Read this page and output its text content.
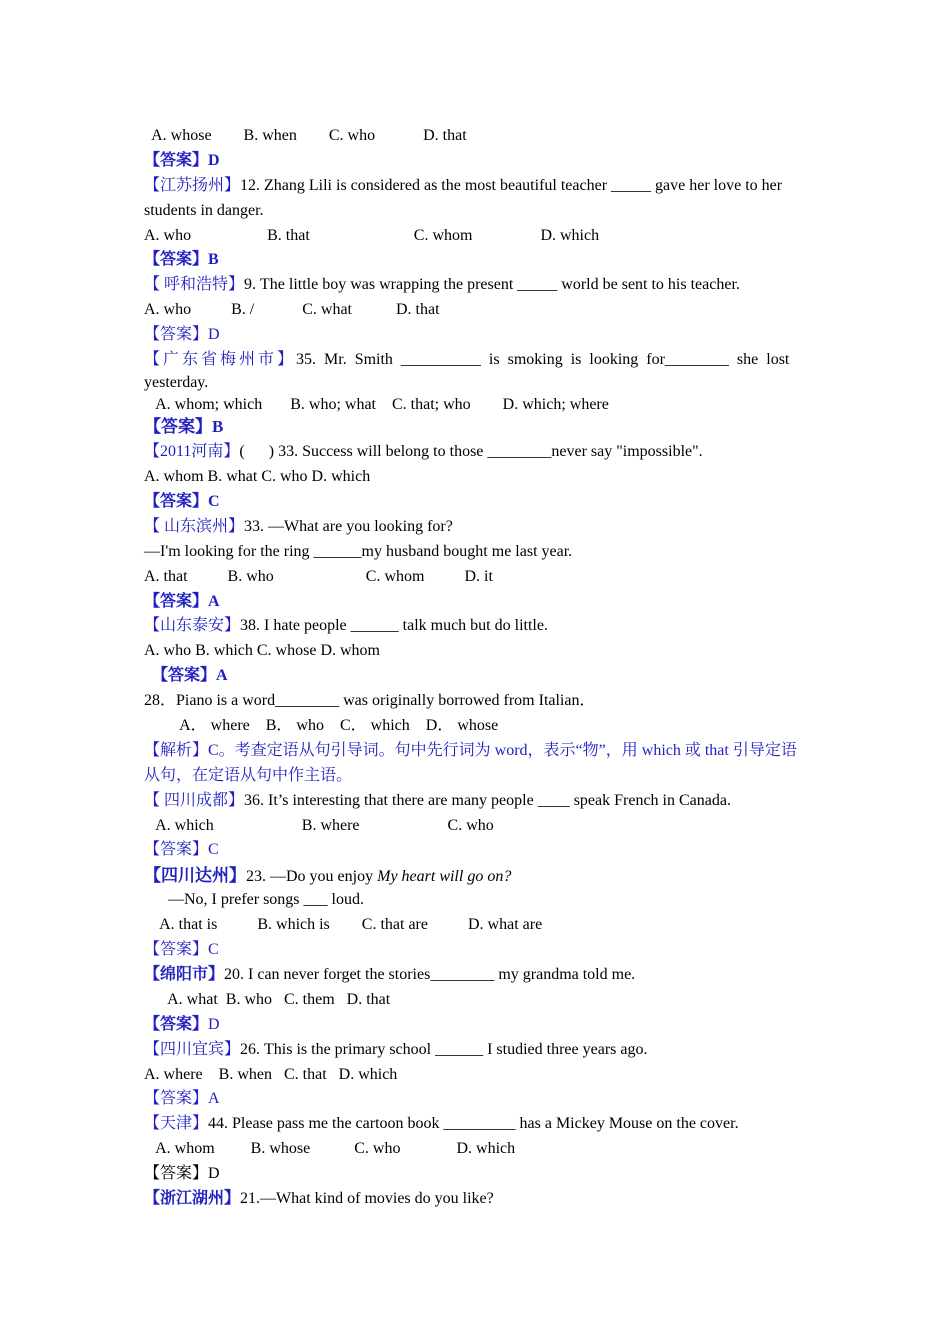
A. whose        B. when        C. who            D. that
【答案】D
【江苏扬州】12. Zhang Lili is considered as the most beautiful teacher _____ gave her love to her
students in danger.
A. who                   B. that                          C. whom                 D. which
【答案】B
【 呼和浩特】9. The little boy was wrapping the present _____ world be sent to his teacher.
A. who          B. /            C. what           D. that
【答案】D
【广东省梅州市】35.  Mr.  Smith  __________  is  smoking  is  looking  for________  she  lost
yesterday.
A. whom; which       B. who; what    C. that; who        D. which; where
【答案】B
【2011河南】(      ) 33. Success will belong to those ________never say "impossible".
A. whom B. what C. who D. which
【答案】C
【 山东滨州】33. —What are you looking for?
—I'm looking for the ring ______my husband bought me last year.
A. that          B. who                       C. whom          D. it
【答案】A
【山东泰安】38. I hate people ______ talk much but do little.
A. who B. which C. whose D. whom
【答案】A
28．Piano is a word________ was originally borrowed from Italian．
A． where    B． who    C． which    D． whose
【解析】C。考查定语从句引导词。句中先行词为 word，表示“物”，用 which 或 that 引导定语
从句，在定语从句中作主语。
【 四川成都】36. It’s interesting that there are many people ____ speak French in Canada.
A. which                      B. where                      C. who
【答案】C
【四川达州】23. —Do you enjoy My heart will go on?
—No, I prefer songs ___ loud.
A. that is          B. which is        C. that are          D. what are
【答案】C
【绵阳市】20. I can never forget the stories________ my grandma told me.
A. what  B. who   C. them   D. that
【答案】D
【四川宜宾】26. This is the primary school ______ I studied three years ago.
A. where    B. when   C. that   D. which
【答案】A
【天津】44. Please pass me the cartoon book _________ has a Mickey Mouse on the cover.
A. whom         B. whose           C. who              D. which
【答案】D
【浙江湖州】21.—What kind of movies do you like?
